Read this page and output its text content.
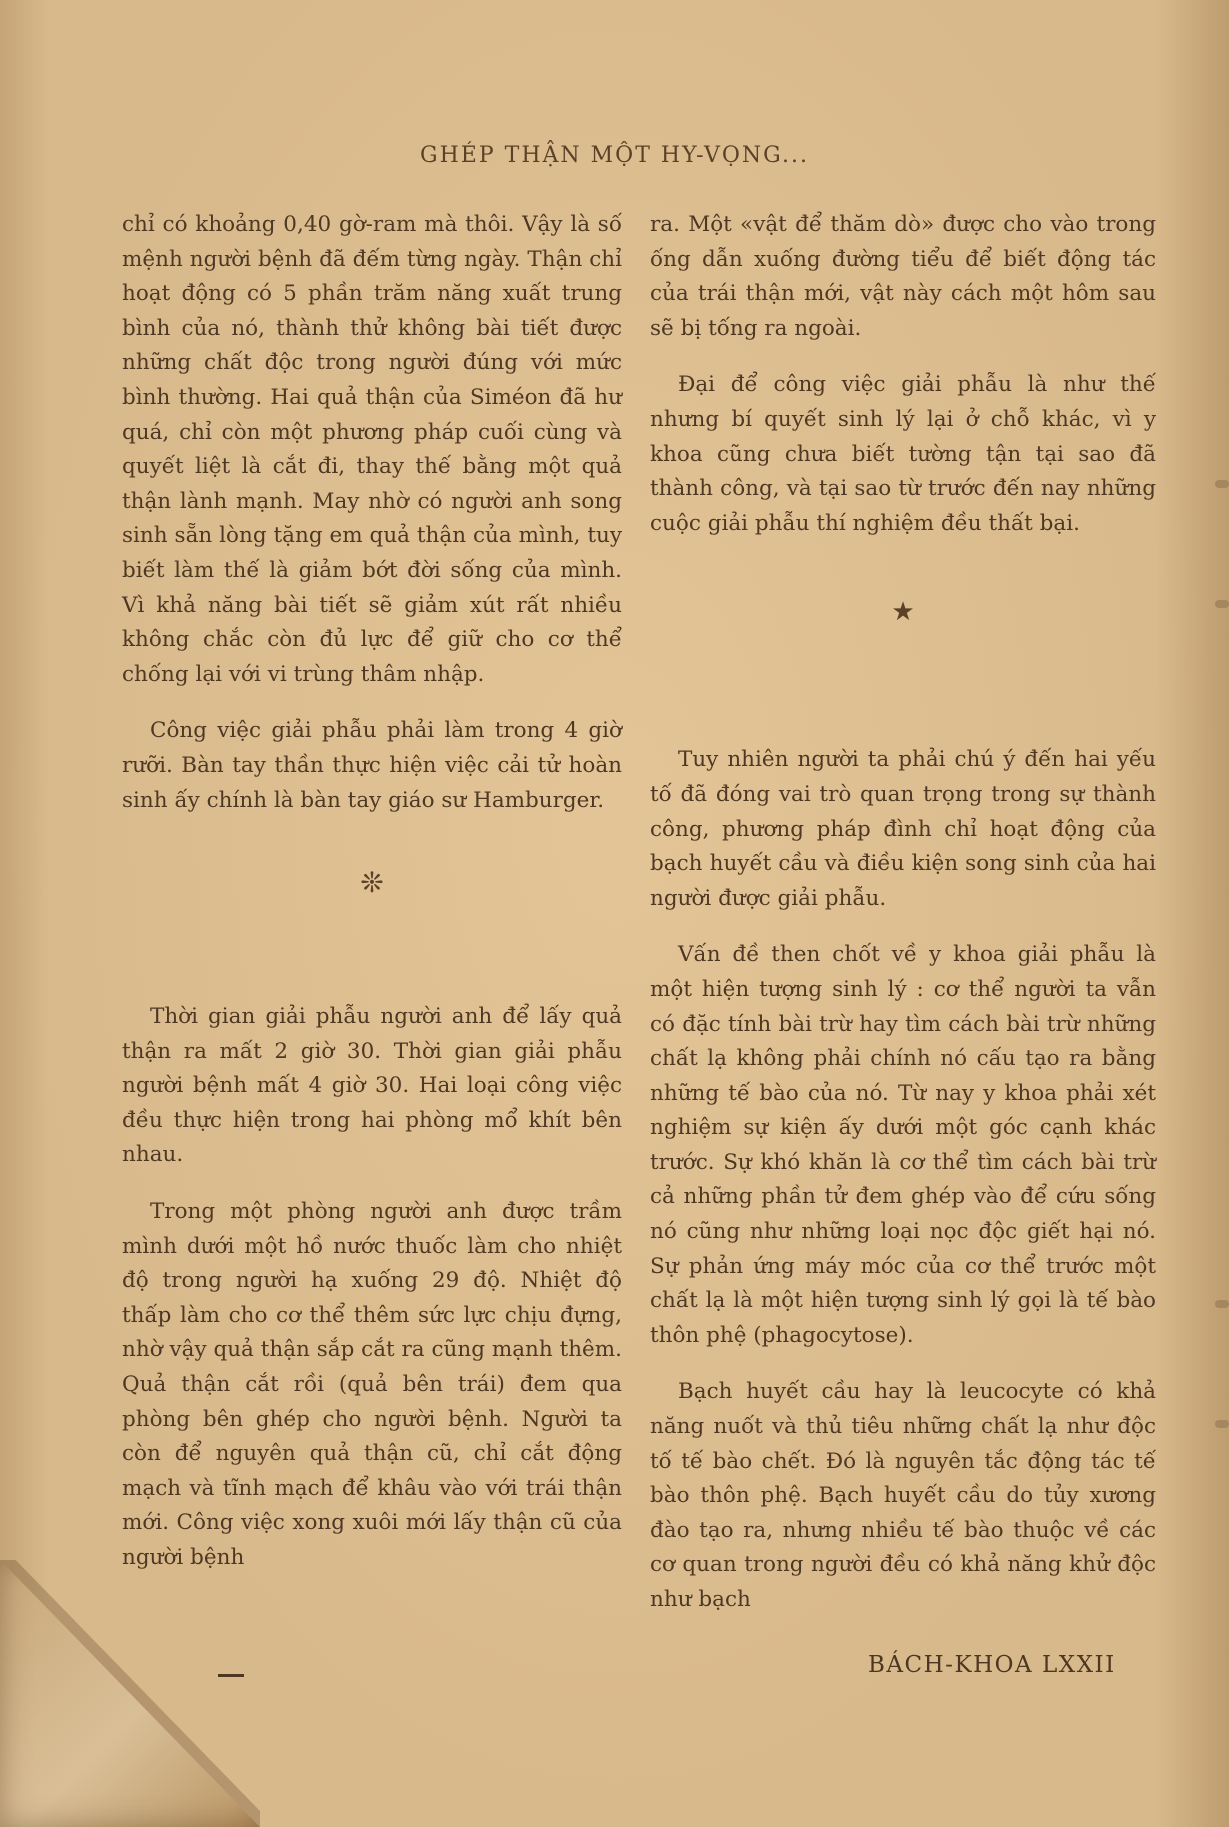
GHÉP THẬN MỘT HY-VỌNG...

chỉ có khoảng 0,40 gờ-ram mà thôi. Vậy là số mệnh người bệnh đã đếm từng ngày. Thận chỉ hoạt động có 5 phần trăm năng xuất trung bình của nó, thành thử không bài tiết được những chất độc trong người đúng với mức bình thường. Hai quả thận của Siméon đã hư quá, chỉ còn một phương pháp cuối cùng và quyết liệt là cắt đi, thay thế bằng một quả thận lành mạnh. May nhờ có người anh song sinh sẵn lòng tặng em quả thận của mình, tuy biết làm thế là giảm bớt đời sống của mình. Vì khả năng bài tiết sẽ giảm xút rất nhiều không chắc còn đủ lực để giữ cho cơ thể chống lại với vi trùng thâm nhập.

Công việc giải phẫu phải làm trong 4 giờ rưỡi. Bàn tay thần thực hiện việc cải tử hoàn sinh ấy chính là bàn tay giáo sư Hamburger.

❊

Thời gian giải phẫu người anh để lấy quả thận ra mất 2 giờ 30. Thời gian giải phẫu người bệnh mất 4 giờ 30. Hai loại công việc đều thực hiện trong hai phòng mổ khít bên nhau.

Trong một phòng người anh được trầm mình dưới một hồ nước thuốc làm cho nhiệt độ trong người hạ xuống 29 độ. Nhiệt độ thấp làm cho cơ thể thêm sức lực chịu đựng, nhờ vậy quả thận sắp cắt ra cũng mạnh thêm. Quả thận cắt rồi (quả bên trái) đem qua phòng bên ghép cho người bệnh. Người ta còn để nguyên quả thận cũ, chỉ cắt động mạch và tĩnh mạch để khâu vào với trái thận mới. Công việc xong xuôi mới lấy thận cũ của người bệnh

ra. Một «vật để thăm dò» được cho vào trong ống dẫn xuống đường tiểu để biết động tác của trái thận mới, vật này cách một hôm sau sẽ bị tống ra ngoài.

Đại để công việc giải phẫu là như thế nhưng bí quyết sinh lý lại ở chỗ khác, vì y khoa cũng chưa biết tường tận tại sao đã thành công, và tại sao từ trước đến nay những cuộc giải phẫu thí nghiệm đều thất bại.

★

Tuy nhiên người ta phải chú ý đến hai yếu tố đã đóng vai trò quan trọng trong sự thành công, phương pháp đình chỉ hoạt động của bạch huyết cầu và điều kiện song sinh của hai người được giải phẫu.

Vấn đề then chốt về y khoa giải phẫu là một hiện tượng sinh lý : cơ thể người ta vẫn có đặc tính bài trừ hay tìm cách bài trừ những chất lạ không phải chính nó cấu tạo ra bằng những tế bào của nó. Từ nay y khoa phải xét nghiệm sự kiện ấy dưới một góc cạnh khác trước. Sự khó khăn là cơ thể tìm cách bài trừ cả những phần tử đem ghép vào để cứu sống nó cũng như những loại nọc độc giết hại nó. Sự phản ứng máy móc của cơ thể trước một chất lạ là một hiện tượng sinh lý gọi là tế bào thôn phệ (phagocytose).

Bạch huyết cầu hay là leucocyte có khả năng nuốt và thủ tiêu những chất lạ như độc tố tế bào chết. Đó là nguyên tắc động tác tế bào thôn phệ. Bạch huyết cầu do tủy xương đào tạo ra, nhưng nhiều tế bào thuộc về các cơ quan trong người đều có khả năng khử độc như bạch

BÁCH-KHOA LXXII
